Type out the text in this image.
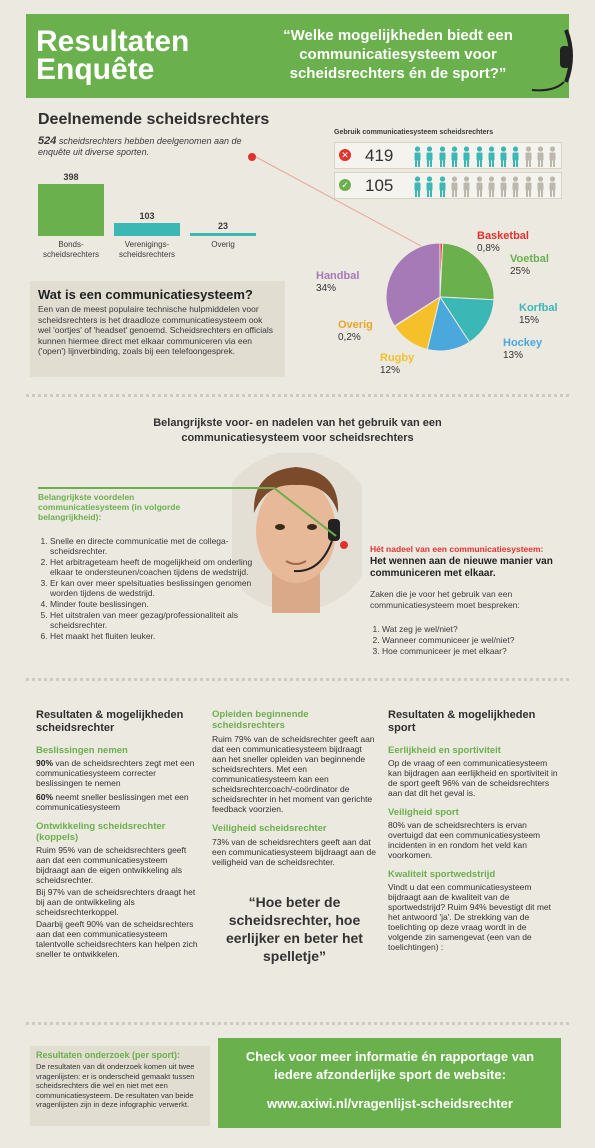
Resultaten
Enquête
“Welke mogelijkheden biedt een communicatiesysteem voor scheidsrechters én de sport?”
Deelnemende scheidsrechters
524 scheidsrechters hebben deelgenomen aan de enquête uit diverse sporten.
398
Bonds-scheidsrechters
103
Verenigings-scheidsrechters
23
Overig
Gebruik communicatiesysteem scheidsrechters
✕ 419
✓ 105
Basketbal
0,8%
Voetbal
25%
Korfbal
15%
Hockey
13%
Rugby
12%
Overig
0,2%
Handbal
34%
Wat is een communicatiesysteem?
Een van de meest populaire technische hulpmiddelen voor scheidsrechters is het draadloze communicatiesysteem ook wel 'oortjes' of 'headset' genoemd. Scheidsrechters en officials kunnen hiermee direct met elkaar communiceren via een ('open') lijnverbinding, zoals bij een telefoongesprek.
Belangrijkste voor- en nadelen van het gebruik van een communicatiesysteem voor scheidsrechters
Belangrijkste voordelen communicatiesysteem (in volgorde belangrijkheid):
1. Snelle en directe communicatie met de collega-scheidsrechter.
2. Het arbitrageteam heeft de mogelijkheid om onderling elkaar te ondersteunen/coachen tijdens de wedstrijd.
3. Er kan over meer spelsituaties beslissingen genomen worden tijdens de wedstrijd.
4. Minder foute beslissingen.
5. Het uitstralen van meer gezag/professionaliteit als scheidsrechter.
6. Het maakt het fluiten leuker.
Hét nadeel van een communicatiesysteem:
Het wennen aan de nieuwe manier van communiceren met elkaar.
Zaken die je voor het gebruik van een communicatiesysteem moet bespreken:
1. Wat zeg je wel/niet?
2. Wanneer communiceer je wel/niet?
3. Hoe communiceer je met elkaar?
Resultaten & mogelijkheden scheidsrechter
Beslissingen nemen
90% van de scheidsrechters zegt met een communicatiesysteem correcter beslissingen te nemen
60% neemt sneller beslissingen met een communicatiesysteem
Ontwikkeling scheidsrechter (koppels)
Ruim 95% van de scheidsrechters geeft aan dat een communicatiesysteem bijdraagt aan de eigen ontwikkeling als scheidsrechter.
Bij 97% van de scheidsrechters draagt het bij aan de ontwikkeling als scheidsrechterkoppel.
Daarbij geeft 90% van de scheidsrechters aan dat een communicatiesysteem talentvolle scheidsrechters kan helpen zich sneller te ontwikkelen.
Opleiden beginnende scheidsrechters
Ruim 79% van de scheidsrechter geeft aan dat een communicatiesysteem bijdraagt aan het sneller opleiden van beginnende scheidsrechters. Met een communicatiesysteem kan een scheidsrechtercoach/-coördinator de scheidsrechter in het moment van gerichte feedback voorzien.
Veiligheid scheidsrechter
73% van de scheidsrechters geeft aan dat een communicatiesysteem bijdraagt aan de veiligheid van de scheidsrechter.
“Hoe beter de scheidsrechter, hoe eerlijker en beter het spelletje”
Resultaten & mogelijkheden sport
Eerlijkheid en sportiviteit
Op de vraag of een communicatiesysteem kan bijdragen aan eerlijkheid en sportiviteit in de sport geeft 96% van de scheidsrechters aan dat dit het geval is.
Veiligheid sport
80% van de scheidsrechters is ervan overtuigd dat een communicatiesysteem incidenten in en rondom het veld kan voorkomen.
Kwaliteit sportwedstrijd
Vindt u dat een communicatiesysteem bijdraagt aan de kwaliteit van de sportwedstrijd? Ruim 94% bevestigt dit met het antwoord 'ja'. De strekking van de toelichting op deze vraag wordt in de volgende zin samengevat (een van de toelichtingen) :
Resultaten onderzoek (per sport):
De resultaten van dit onderzoek komen uit twee vragenlijsten: er is onderscheid gemaakt tussen scheidsrechters die wel en niet met een communicatiesysteem. De resultaten van beide vragenlijsten zijn in deze infographic verwerkt.
Check voor meer informatie én rapportage van iedere afzonderlijke sport de website:
www.axiwi.nl/vragenlijst-scheidsrechter
